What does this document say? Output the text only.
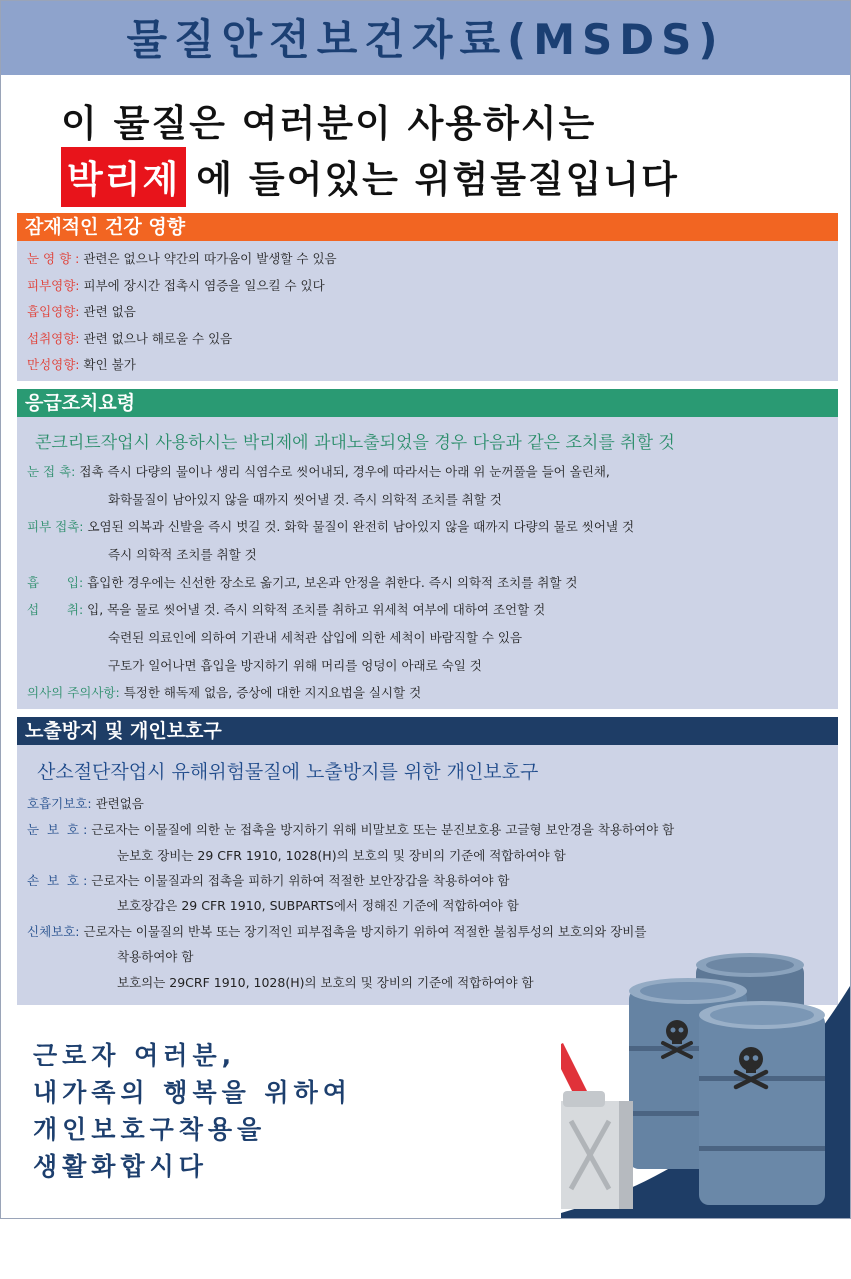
물질안전보건자료(MSDS)
이 물질은 여러분이 사용하시는
박리제 에 들어있는 위험물질입니다
잠재적인 건강 영향
눈 영 향 : 관련은 없으나 약간의 따가움이 발생할 수 있음
피부영향: 피부에 장시간 접촉시 염증을 일으킬 수 있다
흡입영향: 관련 없음
섭취영향: 관련 없으나 해로울 수 있음
만성영향: 확인 불가
응급조치요령
콘크리트작업시 사용하시는 박리제에 과대노출되었을 경우 다음과 같은 조치를 취할 것
눈 접 촉: 접촉 즉시 다량의 물이나 생리 식염수로 씻어내되, 경우에 따라서는 아래 위 눈꺼풀을 들어 올린채,
화학물질이 남아있지 않을 때까지 씻어낼 것. 즉시 의학적 조치를 취할 것
피부 접촉: 오염된 의복과 신발을 즉시 벗길 것. 화학 물질이 완전히 남아있지 않을 때까지 다량의 물로 씻어낼 것
즉시 의학적 조치를 취할 것
흡       입: 흡입한 경우에는 신선한 장소로 옮기고, 보온과 안정을 취한다. 즉시 의학적 조치를 취할 것
섭       취: 입, 목을 물로 씻어낼 것. 즉시 의학적 조치를 취하고 위세척 여부에 대하여 조언할 것
숙련된 의료인에 의하여 기관내 세척관 삽입에 의한 세척이 바람직할 수 있음
구토가 일어나면 흡입을 방지하기 위해 머리를 엉덩이 아래로 숙일 것
의사의 주의사항: 특정한 해독제 없음, 증상에 대한 지지요법을 실시할 것
노출방지 및 개인보호구
산소절단작업시 유해위험물질에 노출방지를 위한 개인보호구
호흡기보호: 관련없음
눈  보  호 : 근로자는 이물질에 의한 눈 접촉을 방지하기 위해 비말보호 또는 분진보호용 고글형 보안경을 착용하여야 함
눈보호 장비는 29 CFR 1910, 1028(H)의 보호의 및 장비의 기준에 적합하여야 함
손  보  호 : 근로자는 이물질과의 접촉을 피하기 위하여 적절한 보안장갑을 착용하여야 함
보호장갑은 29 CFR 1910, SUBPARTS에서 정해진 기준에 적합하여야 함
신체보호: 근로자는 이물질의 반복 또는 장기적인 피부접촉을 방지하기 위하여 적절한 불침투성의 보호의와 장비를
착용하여야 함
보호의는 29CRF 1910, 1028(H)의 보호의 및 장비의 기준에 적합하여야 함
근로자 여러분,
내가족의 행복을 위하여
개인보호구착용을
생활화합시다
